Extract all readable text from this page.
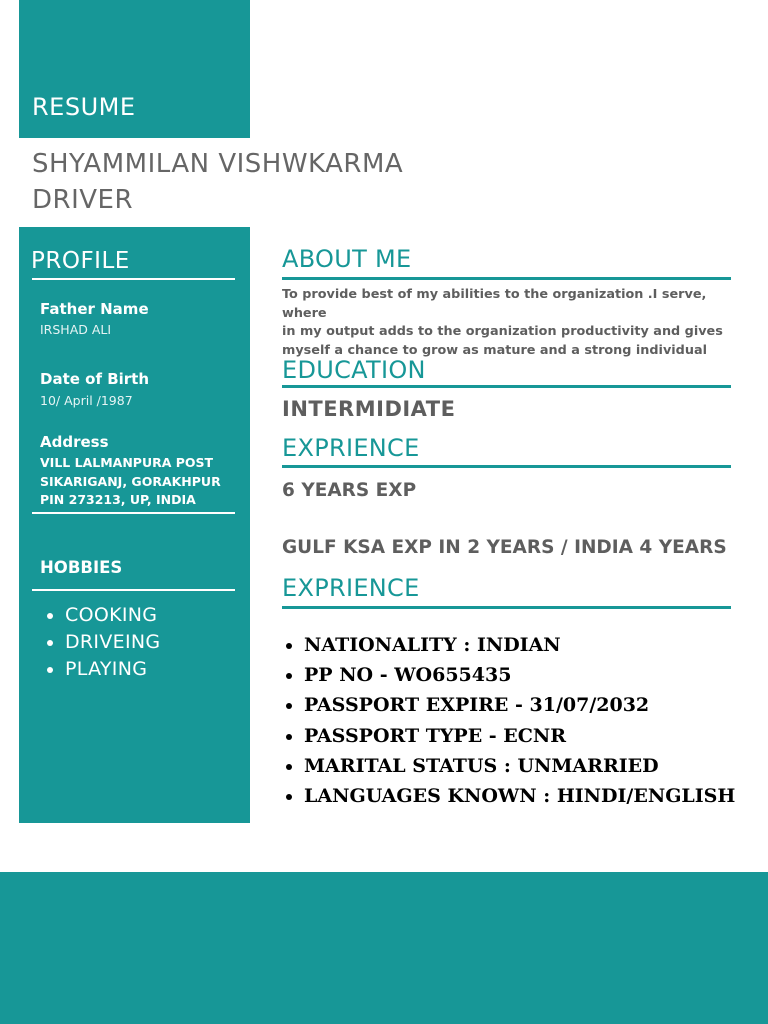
RESUME
SHYAMMILAN VISHWKARMA
DRIVER
PROFILE
Father Name
IRSHAD ALI
Date of Birth
10/ April /1987
Address
VILL LALMANPURA POST
SIKARIGANJ, GORAKHPUR
PIN 273213, UP, INDIA
HOBBIES
• COOKING
• DRIVEING
• PLAYING
ABOUT ME
To provide best of my abilities to the organization .I serve, where
in my output adds to the organization productivity and gives
myself a chance to grow as mature and a strong individual
EDUCATION
INTERMIDIATE
EXPRIENCE
6 YEARS EXP
GULF KSA EXP IN 2 YEARS / INDIA 4 YEARS
EXPRIENCE
• NATIONALITY : INDIAN
• PP NO - WO655435
• PASSPORT EXPIRE - 31/07/2032
• PASSPORT TYPE - ECNR
• MARITAL STATUS : UNMARRIED
• LANGUAGES KNOWN : HINDI/ENGLISH
